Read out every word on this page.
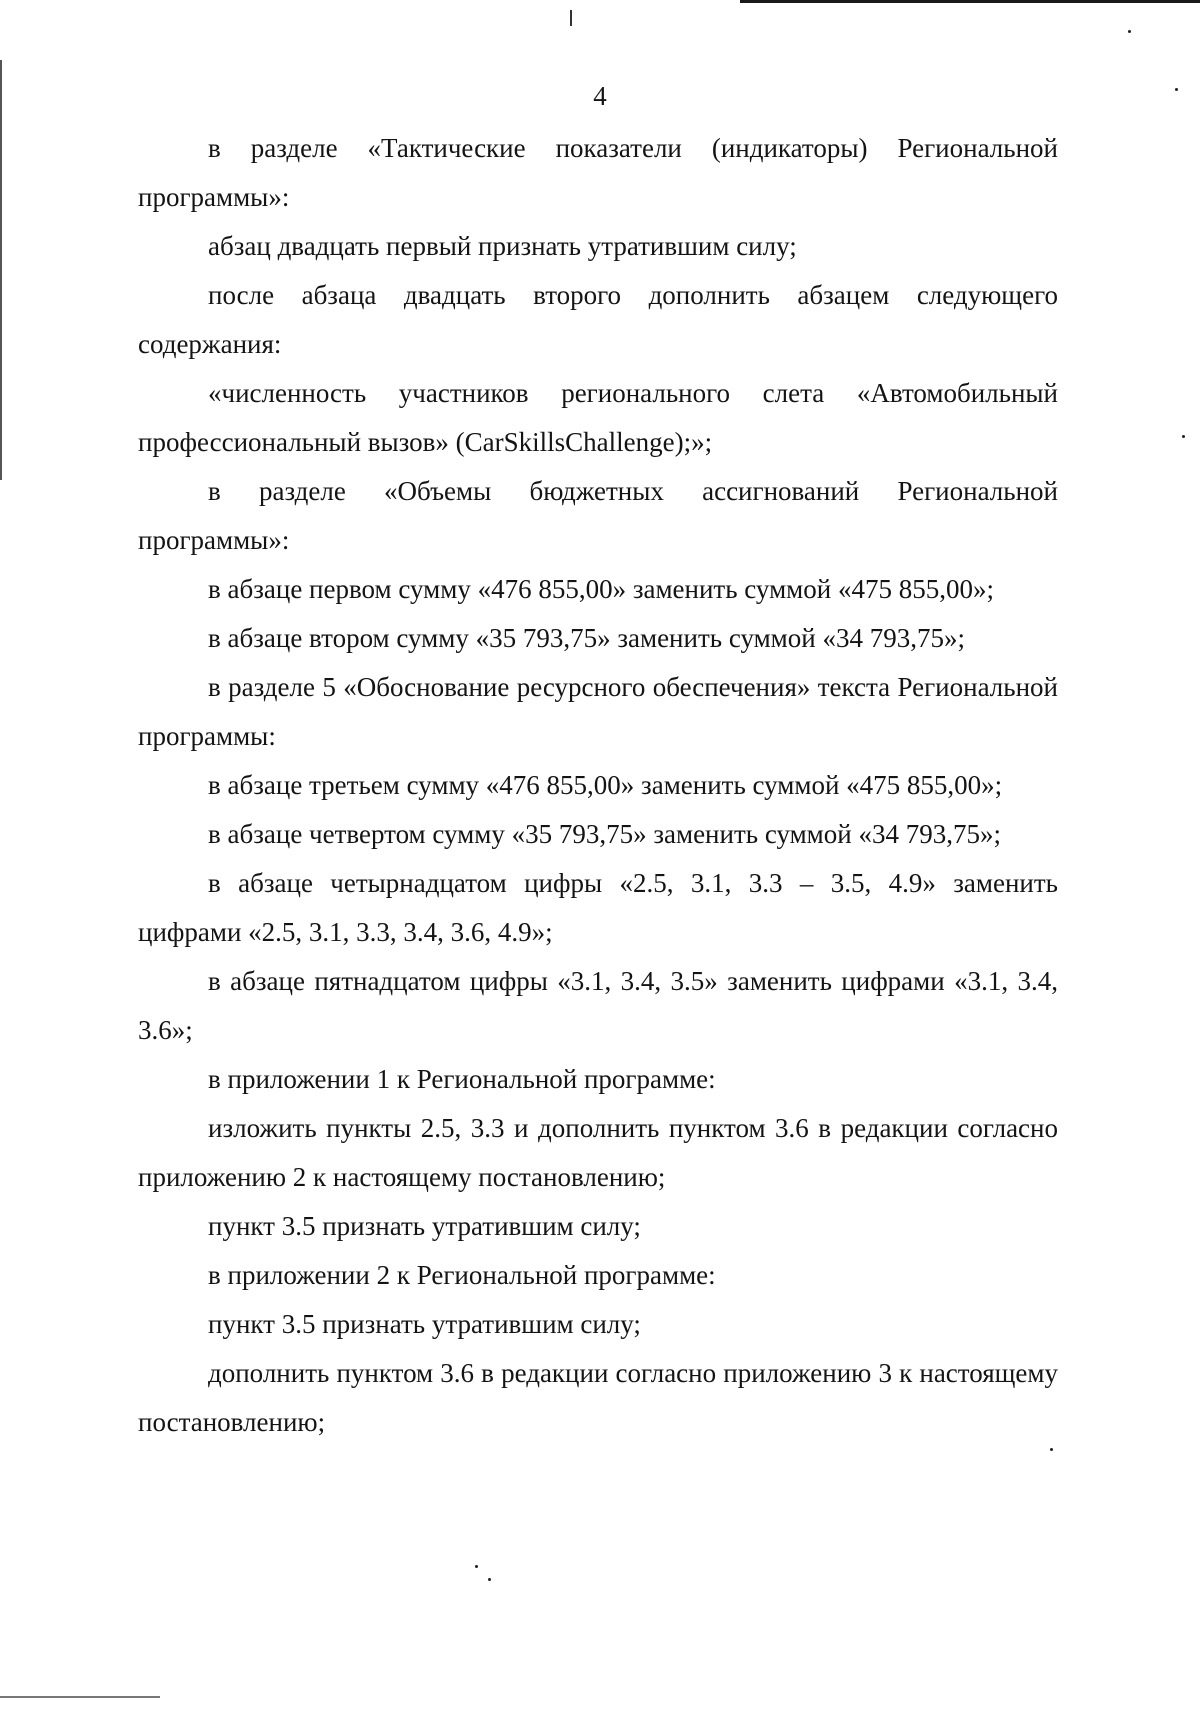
4

в разделе «Тактические показатели (индикаторы) Региональной программы»:

абзац двадцать первый признать утратившим силу;

после абзаца двадцать второго дополнить абзацем следующего содержания:

«численность участников регионального слета «Автомобильный профессиональный вызов» (CarSkillsChallenge);»;

в разделе «Объемы бюджетных ассигнований Региональной программы»:

в абзаце первом сумму «476 855,00» заменить суммой «475 855,00»;

в абзаце втором сумму «35 793,75» заменить суммой «34 793,75»;

в разделе 5 «Обоснование ресурсного обеспечения» текста Региональной программы:

в абзаце третьем сумму «476 855,00» заменить суммой «475 855,00»;

в абзаце четвертом сумму «35 793,75» заменить суммой «34 793,75»;

в абзаце четырнадцатом цифры «2.5, 3.1, 3.3 – 3.5, 4.9» заменить цифрами «2.5, 3.1, 3.3, 3.4, 3.6, 4.9»;

в абзаце пятнадцатом цифры «3.1, 3.4, 3.5» заменить цифрами «3.1, 3.4, 3.6»;

в приложении 1 к Региональной программе:

изложить пункты 2.5, 3.3 и дополнить пунктом 3.6 в редакции согласно приложению 2 к настоящему постановлению;

пункт 3.5 признать утратившим силу;

в приложении 2 к Региональной программе:

пункт 3.5 признать утратившим силу;

дополнить пунктом 3.6 в редакции согласно приложению 3 к настоящему постановлению;
